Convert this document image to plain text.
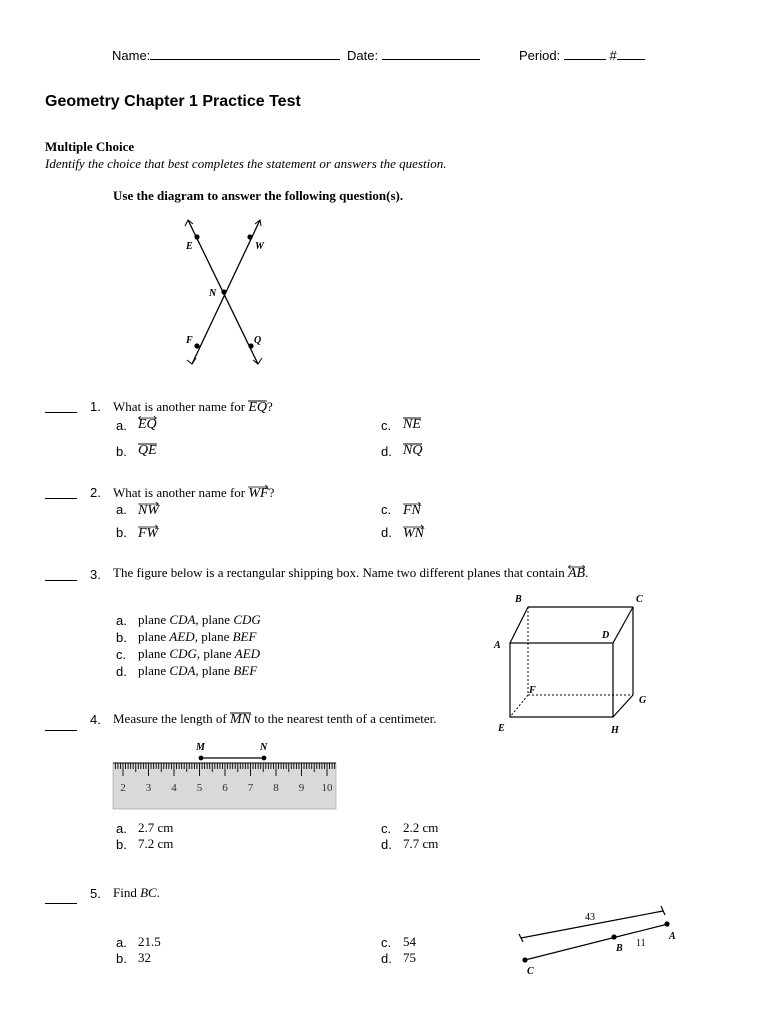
Name:	Date:	Period:	#
Geometry Chapter 1 Practice Test
Multiple Choice
Identify the choice that best completes the statement or answers the question.
Use the diagram to answer the following question(s).
E	W
N
F	Q
1. What is another name for EQ?
a. EQ
b. QE
c. NE
d. NQ
2. What is another name for WF?
a. NW
b. FW
c. FN
d. WN
3. The figure below is a rectangular shipping box. Name two different planes that contain AB.
a. plane CDA, plane CDG
b. plane AED, plane BEF
c. plane CDG, plane AED
d. plane CDA, plane BEF
B	C
D
A
F
G
E	H
4. Measure the length of MN to the nearest tenth of a centimeter.
M	N
2 3 4 5 6 7 8 9 10
a. 2.7 cm
b. 7.2 cm
c. 2.2 cm
d. 7.7 cm
5. Find BC.
a. 21.5
b. 32
c. 54
d. 75
43
11
A
B
C
